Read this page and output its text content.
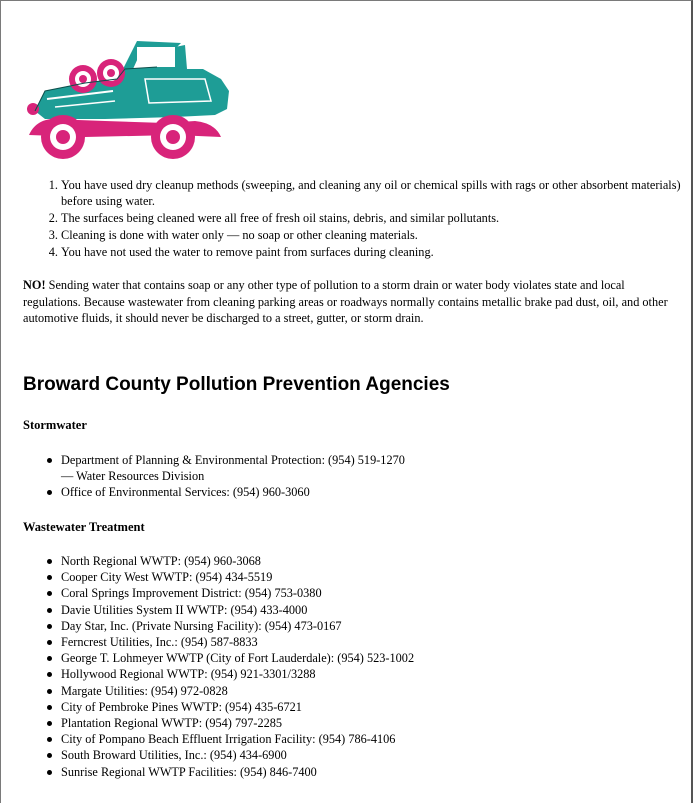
1. You have used dry cleanup methods (sweeping, and cleaning any oil or chemical spills with rags or other absorbent materials) before using water.
2. The surfaces being cleaned were all free of fresh oil stains, debris, and similar pollutants.
3. Cleaning is done with water only — no soap or other cleaning materials.
4. You have not used the water to remove paint from surfaces during cleaning.

NO! Sending water that contains soap or any other type of pollution to a storm drain or water body violates state and local regulations. Because wastewater from cleaning parking areas or roadways normally contains metallic brake pad dust, oil, and other automotive fluids, it should never be discharged to a street, gutter, or storm drain.

Broward County Pollution Prevention Agencies
Stormwater
Department of Planning & Environmental Protection: (954) 519-1270
— Water Resources Division
Office of Environmental Services: (954) 960-3060
Wastewater Treatment
North Regional WWTP: (954) 960-3068
Cooper City West WWTP: (954) 434-5519
Coral Springs Improvement District: (954) 753-0380
Davie Utilities System II WWTP: (954) 433-4000
Day Star, Inc. (Private Nursing Facility): (954) 473-0167
Ferncrest Utilities, Inc.: (954) 587-8833
George T. Lohmeyer WWTP (City of Fort Lauderdale): (954) 523-1002
Hollywood Regional WWTP: (954) 921-3301/3288
Margate Utilities: (954) 972-0828
City of Pembroke Pines WWTP: (954) 435-6721
Plantation Regional WWTP: (954) 797-2285
City of Pompano Beach Effluent Irrigation Facility: (954) 786-4106
South Broward Utilities, Inc.: (954) 434-6900
Sunrise Regional WWTP Facilities: (954) 846-7400
